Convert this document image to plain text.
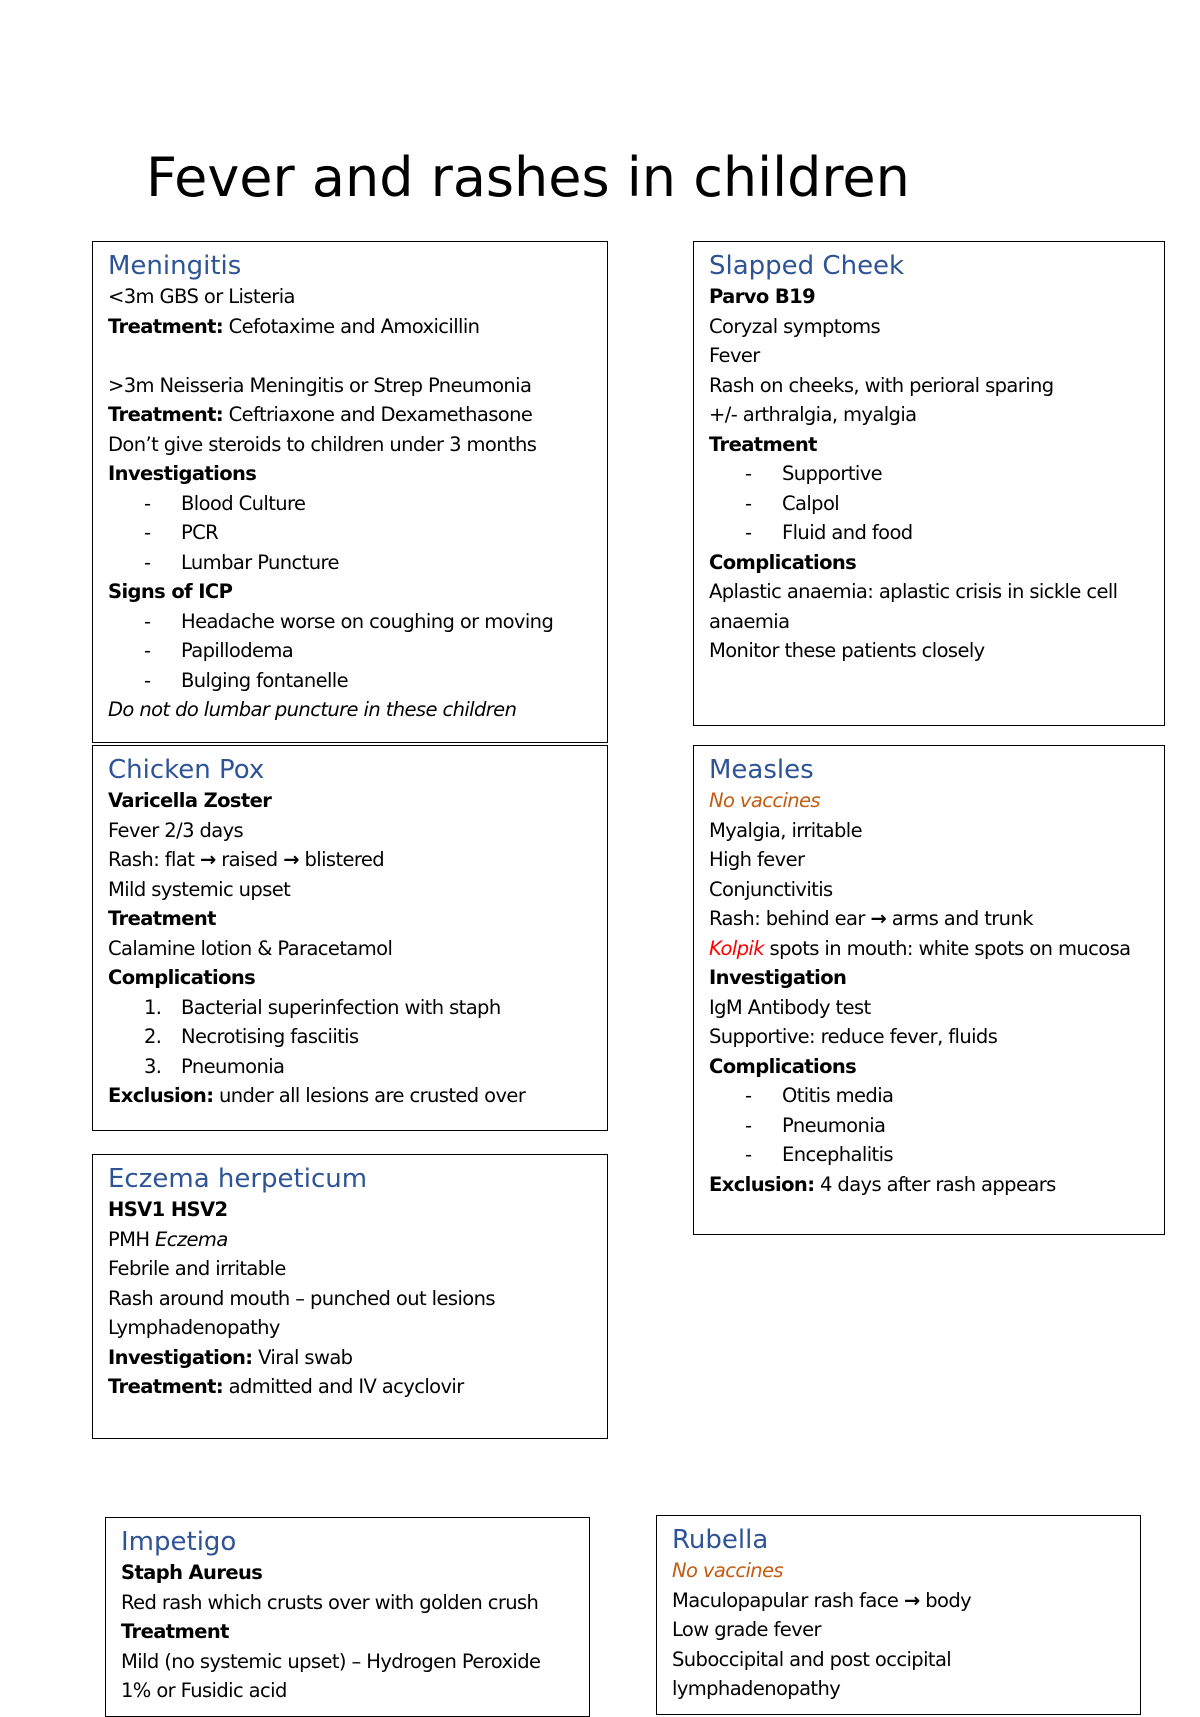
Fever and rashes in children
Meningitis
<3m GBS or Listeria
Treatment: Cefotaxime and Amoxicillin
>3m Neisseria Meningitis or Strep Pneumonia
Treatment: Ceftriaxone and Dexamethasone
Don’t give steroids to children under 3 months
Investigations
- Blood Culture
- PCR
- Lumbar Puncture
Signs of ICP
- Headache worse on coughing or moving
- Papillodema
- Bulging fontanelle
Do not do lumbar puncture in these children
Slapped Cheek
Parvo B19
Coryzal symptoms
Fever
Rash on cheeks, with perioral sparing
+/- arthralgia, myalgia
Treatment
- Supportive
- Calpol
- Fluid and food
Complications
Aplastic anaemia: aplastic crisis in sickle cell anaemia
Monitor these patients closely
Chicken Pox
Varicella Zoster
Fever 2/3 days
Rash: flat → raised → blistered
Mild systemic upset
Treatment
Calamine lotion & Paracetamol
Complications
1. Bacterial superinfection with staph
2. Necrotising fasciitis
3. Pneumonia
Exclusion: under all lesions are crusted over
Measles
No vaccines
Myalgia, irritable
High fever
Conjunctivitis
Rash: behind ear → arms and trunk
Kolpik spots in mouth: white spots on mucosa
Investigation
IgM Antibody test
Supportive: reduce fever, fluids
Complications
- Otitis media
- Pneumonia
- Encephalitis
Exclusion: 4 days after rash appears
Eczema herpeticum
HSV1 HSV2
PMH Eczema
Febrile and irritable
Rash around mouth – punched out lesions
Lymphadenopathy
Investigation: Viral swab
Treatment: admitted and IV acyclovir
Impetigo
Staph Aureus
Red rash which crusts over with golden crush
Treatment
Mild (no systemic upset) – Hydrogen Peroxide
1% or Fusidic acid
Rubella
No vaccines
Maculopapular rash face → body
Low grade fever
Suboccipital and post occipital
lymphadenopathy
